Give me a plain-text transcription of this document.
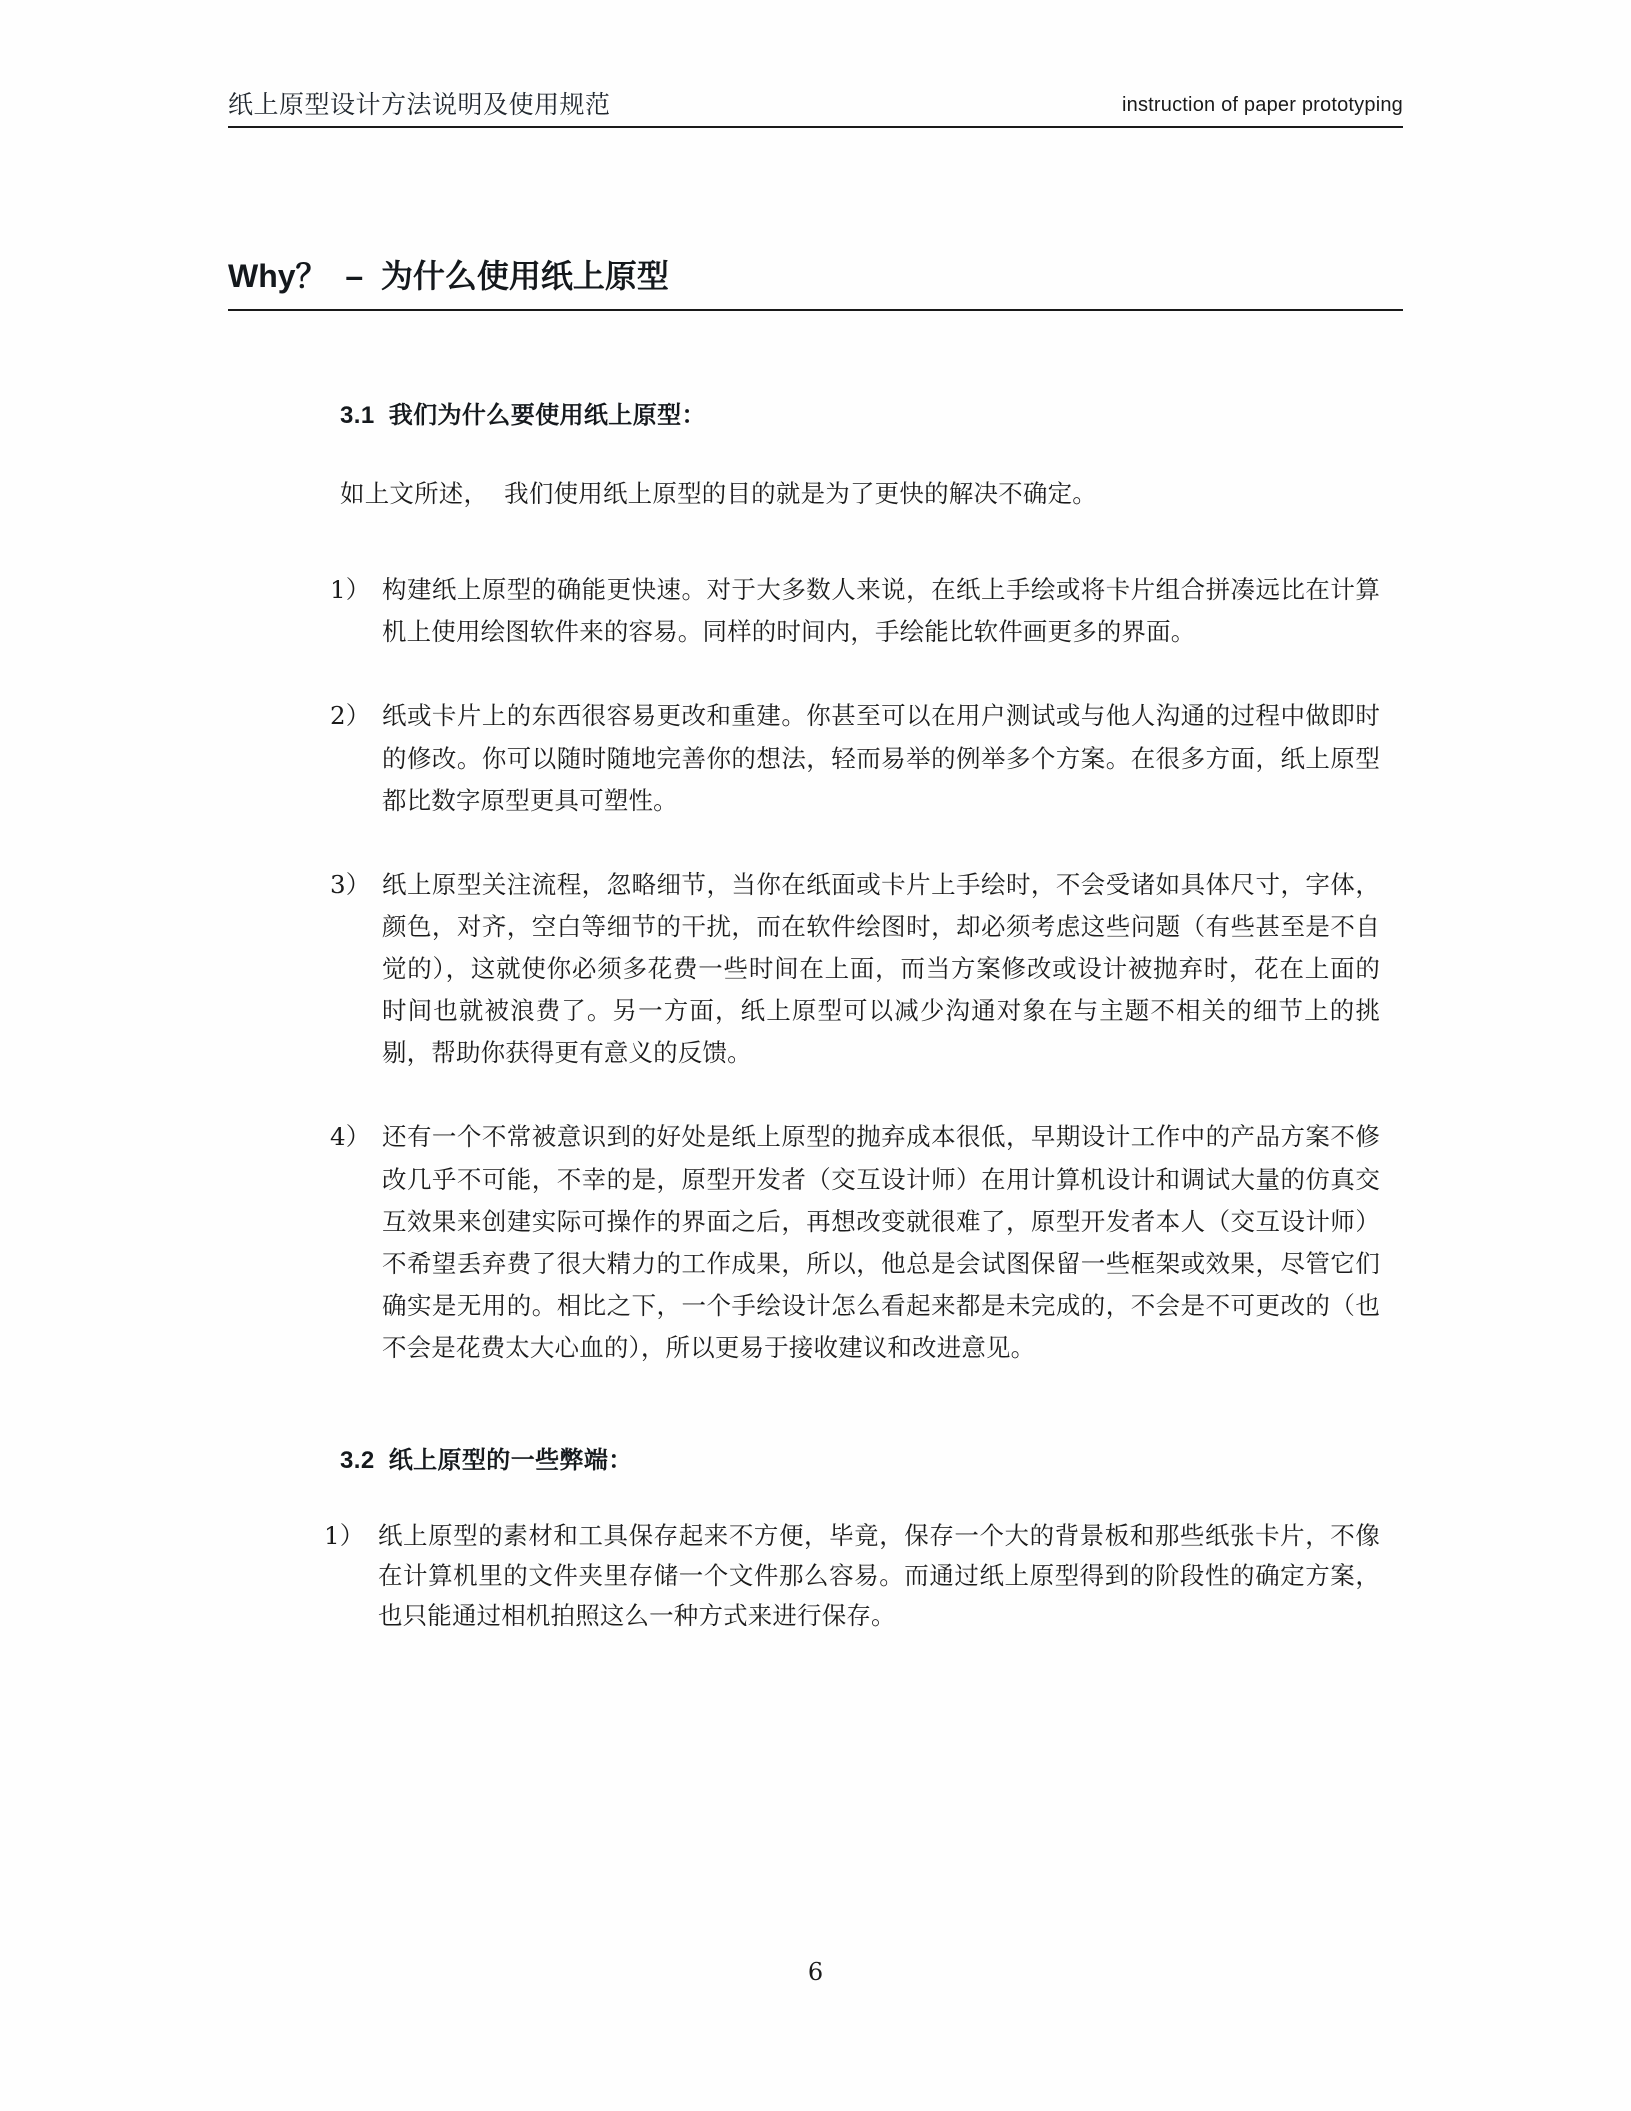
纸上原型设计方法说明及使用规范	instruction of paper prototyping
Why？  –  为什么使用纸上原型
3.1  我们为什么要使用纸上原型：

如上文所述，  我们使用纸上原型的目的就是为了更快的解决不确定。

1） 构建纸上原型的确能更快速。对于大多数人来说，在纸上手绘或将卡片组合拼凑远比在计算机上使用绘图软件来的容易。同样的时间内，手绘能比软件画更多的界面。
2） 纸或卡片上的东西很容易更改和重建。你甚至可以在用户测试或与他人沟通的过程中做即时的修改。你可以随时随地完善你的想法，轻而易举的例举多个方案。在很多方面，纸上原型都比数字原型更具可塑性。
3） 纸上原型关注流程，忽略细节，当你在纸面或卡片上手绘时，不会受诸如具体尺寸，字体，颜色，对齐，空白等细节的干扰，而在软件绘图时，却必须考虑这些问题（有些甚至是不自觉的），这就使你必须多花费一些时间在上面，而当方案修改或设计被抛弃时，花在上面的时间也就被浪费了。另一方面，纸上原型可以减少沟通对象在与主题不相关的细节上的挑剔，帮助你获得更有意义的反馈。
4） 还有一个不常被意识到的好处是纸上原型的抛弃成本很低，早期设计工作中的产品方案不修改几乎不可能，不幸的是，原型开发者（交互设计师）在用计算机设计和调试大量的仿真交互效果来创建实际可操作的界面之后，再想改变就很难了，原型开发者本人（交互设计师）不希望丢弃费了很大精力的工作成果，所以，他总是会试图保留一些框架或效果，尽管它们确实是无用的。相比之下，一个手绘设计怎么看起来都是未完成的，不会是不可更改的（也不会是花费太大心血的），所以更易于接收建议和改进意见。
3.2  纸上原型的一些弊端：
1） 纸上原型的素材和工具保存起来不方便，毕竟，保存一个大的背景板和那些纸张卡片，不像在计算机里的文件夹里存储一个文件那么容易。而通过纸上原型得到的阶段性的确定方案，也只能通过相机拍照这么一种方式来进行保存。
6
